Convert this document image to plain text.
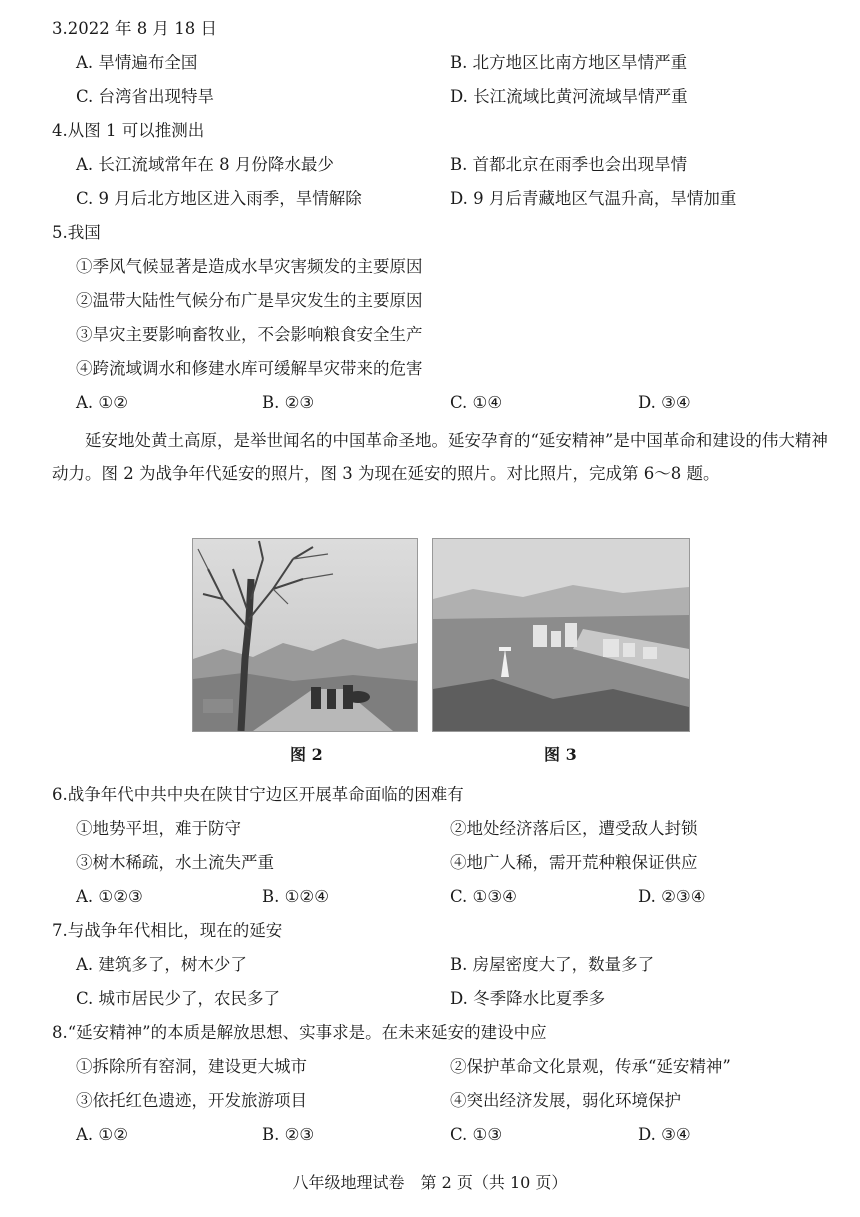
3.2022 年 8 月 18 日
A. 旱情遍布全国	B. 北方地区比南方地区旱情严重
C. 台湾省出现特旱	D. 长江流域比黄河流域旱情严重
4.从图 1 可以推测出
A. 长江流域常年在 8 月份降水最少	B. 首都北京在雨季也会出现旱情
C. 9 月后北方地区进入雨季，旱情解除	D. 9 月后青藏地区气温升高，旱情加重
5.我国
①季风气候显著是造成水旱灾害频发的主要原因
②温带大陆性气候分布广是旱灾发生的主要原因
③旱灾主要影响畜牧业，不会影响粮食安全生产
④跨流域调水和修建水库可缓解旱灾带来的危害
A. ①②	B. ②③	C. ①④	D. ③④
延安地处黄土高原，是举世闻名的中国革命圣地。延安孕育的“延安精神”是中国革命和建设的伟大精神动力。图 2 为战争年代延安的照片，图 3 为现在延安的照片。对比照片，完成第 6～8 题。
图 2	图 3
6.战争年代中共中央在陕甘宁边区开展革命面临的困难有
①地势平坦，难于防守	②地处经济落后区，遭受敌人封锁
③树木稀疏，水土流失严重	④地广人稀，需开荒种粮保证供应
A. ①②③	B. ①②④	C. ①③④	D. ②③④
7.与战争年代相比，现在的延安
A. 建筑多了，树木少了	B. 房屋密度大了，数量多了
C. 城市居民少了，农民多了	D. 冬季降水比夏季多
8.“延安精神”的本质是解放思想、实事求是。在未来延安的建设中应
①拆除所有窑洞，建设更大城市	②保护革命文化景观，传承“延安精神”
③依托红色遗迹，开发旅游项目	④突出经济发展，弱化环境保护
A. ①②	B. ②③	C. ①③	D. ③④
八年级地理试卷　第 2 页（共 10 页）
